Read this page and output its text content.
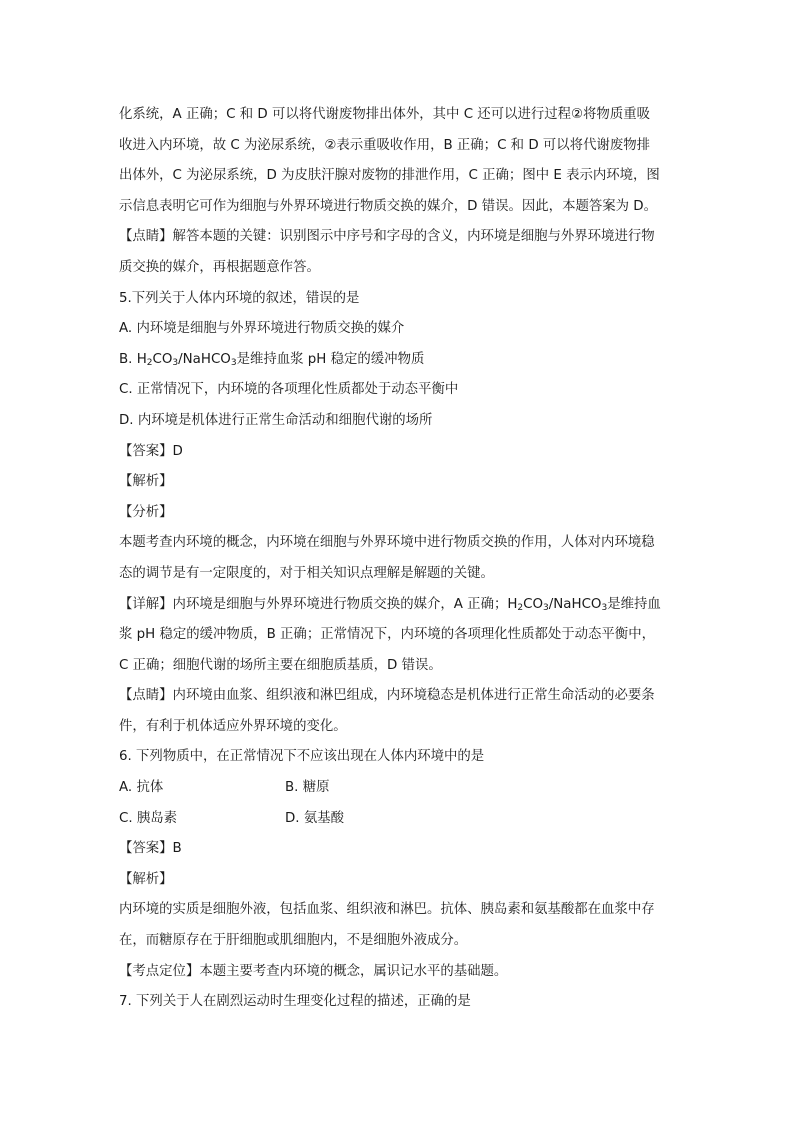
化系统，A 正确；C 和 D 可以将代谢废物排出体外，其中 C 还可以进行过程②将物质重吸
收进入内环境，故 C 为泌尿系统，②表示重吸收作用，B 正确；C 和 D 可以将代谢废物排
出体外，C 为泌尿系统，D 为皮肤汗腺对废物的排泄作用，C 正确；图中 E 表示内环境，图
示信息表明它可作为细胞与外界环境进行物质交换的媒介，D 错误。因此，本题答案为 D。
【点睛】解答本题的关键：识别图示中序号和字母的含义，内环境是细胞与外界环境进行物
质交换的媒介，再根据题意作答。
5.下列关于人体内环境的叙述，错误的是
A. 内环境是细胞与外界环境进行物质交换的媒介
B. $H_2CO_3/NaHCO_3$是维持血浆 pH 稳定的缓冲物质
C. 正常情况下，内环境的各项理化性质都处于动态平衡中
D. 内环境是机体进行正常生命活动和细胞代谢的场所
【答案】D
【解析】
【分析】
本题考查内环境的概念，内环境在细胞与外界环境中进行物质交换的作用，人体对内环境稳
态的调节是有一定限度的，对于相关知识点理解是解题的关键。
【详解】内环境是细胞与外界环境进行物质交换的媒介，A 正确；$H_2CO_3/NaHCO_3$是维持血
浆 pH 稳定的缓冲物质，B 正确；正常情况下，内环境的各项理化性质都处于动态平衡中，
C 正确；细胞代谢的场所主要在细胞质基质，D 错误。
【点睛】内环境由血浆、组织液和淋巴组成，内环境稳态是机体进行正常生命活动的必要条
件，有利于机体适应外界环境的变化。
6. 下列物质中，在正常情况下不应该出现在人体内环境中的是
A. 抗体	B. 糖原
C. 胰岛素	D. 氨基酸
【答案】B
【解析】
内环境的实质是细胞外液，包括血浆、组织液和淋巴。抗体、胰岛素和氨基酸都在血浆中存
在，而糖原存在于肝细胞或肌细胞内，不是细胞外液成分。
【考点定位】本题主要考查内环境的概念，属识记水平的基础题。
7. 下列关于人在剧烈运动时生理变化过程的描述，正确的是
